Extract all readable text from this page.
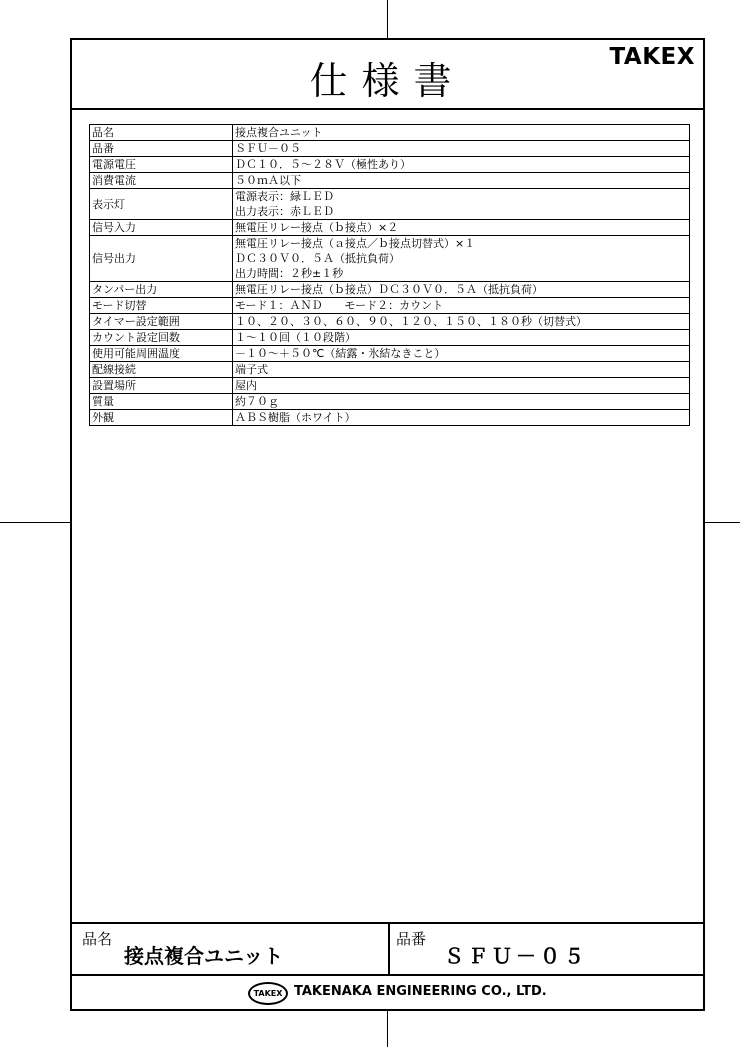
仕様書
TAKEX
品名	接点複合ユニット

品番	ＳＦＵ－０５

電源電圧	ＤＣ１０．５～２８Ｖ（極性あり）

消費電流	５０ｍＡ以下

表示灯	電源表示：緑ＬＥＤ
出力表示：赤ＬＥＤ

信号入力	無電圧リレー接点（ｂ接点）×２

信号出力	無電圧リレー接点（ａ接点／ｂ接点切替式）×１
ＤＣ３０Ｖ０．５Ａ（抵抗負荷）
出力時間：２秒±１秒

タンパー出力	無電圧リレー接点（ｂ接点）ＤＣ３０Ｖ０．５Ａ（抵抗負荷）

モード切替	モード１：ＡＮＤ　　モード２：カウント

タイマー設定範囲	１０、２０、３０、６０、９０、１２０、１５０、１８０秒（切替式）

カウント設定回数	１～１０回（１０段階）

使用可能周囲温度	－１０～＋５０℃（結露・氷結なきこと）

配線接続	端子式

設置場所	屋内

質量	約７０ｇ

外観	ＡＢＳ樹脂（ホワイト）
品名
接点複合ユニット
品番
ＳＦＵ－０５
TAKEX TAKENAKA ENGINEERING CO., LTD.
